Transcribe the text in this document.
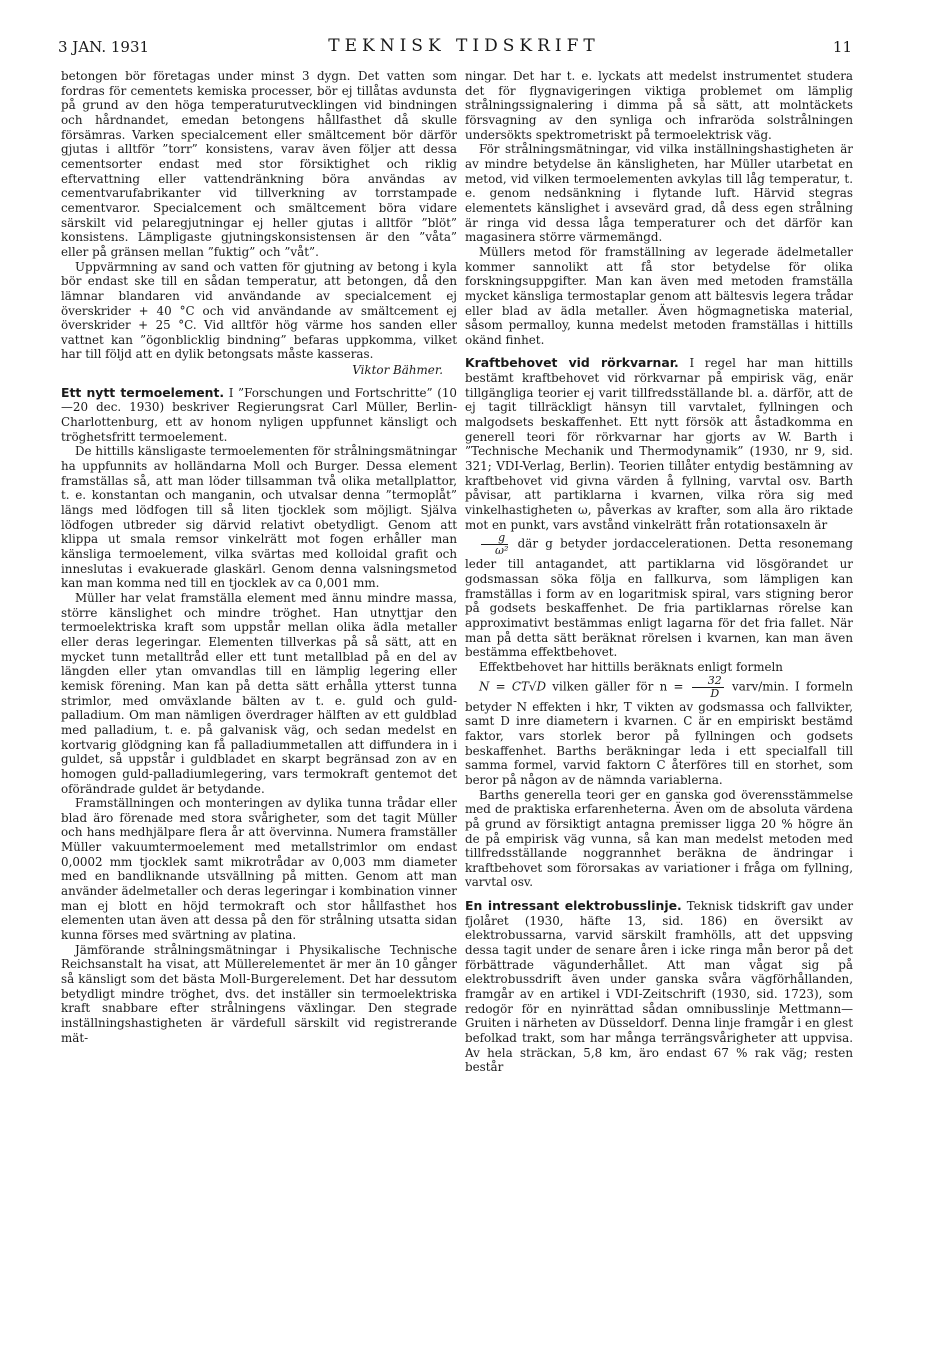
3 JAN. 1931	TEKNISK TIDSKRIFT	11

betongen bör företagas under minst 3 dygn. Det vatten som fordras för cementets kemiska processer, bör ej tillåtas avdunsta på grund av den höga temperaturutvecklingen vid bindningen och hårdnandet, emedan betongens hållfasthet då skulle försämras. Varken specialcement eller smältcement bör därför gjutas i alltför ”torr” konsistens, varav även följer att dessa cementsorter endast med stor försiktighet och riklig eftervattning eller vattendränkning böra användas av cementvarufabrikanter vid tillverkning av torrstampade cementvaror. Specialcement och smältcement böra vidare särskilt vid pelaregjutningar ej heller gjutas i alltför ”blöt” konsistens. Lämpligaste gjutningskonsistensen är den ”våta” eller på gränsen mellan ”fuktig” och ”våt”.

Uppvärmning av sand och vatten för gjutning av betong i kyla bör endast ske till en sådan temperatur, att betongen, då den lämnar blandaren vid användande av specialcement ej överskrider + 40 °C och vid användande av smältcement ej överskrider + 25 °C. Vid alltför hög värme hos sanden eller vattnet kan ”ögonblicklig bindning” befaras uppkomma, vilket har till följd att en dylik betongsats måste kasseras.

Viktor Bähmer.

Ett nytt termoelement. I ”Forschungen und Fortschritte” (10—20 dec. 1930) beskriver Regierungsrat Carl Müller, Berlin-Charlottenburg, ett av honom nyligen uppfunnet känsligt och tröghetsfritt termoelement.

De hittills känsligaste termoelementen för strålningsmätningar ha uppfunnits av holländarna Moll och Burger. Dessa element framställas så, att man löder tillsamman två olika metallplattor, t. e. konstantan och manganin, och utvalsar denna ”termoplåt” längs med lödfogen till så liten tjocklek som möjligt. Själva lödfogen utbreder sig därvid relativt obetydligt. Genom att klippa ut smala remsor vinkelrätt mot fogen erhåller man känsliga termoelement, vilka svärtas med kolloidal grafit och inneslutas i evakuerade glaskärl. Genom denna valsningsmetod kan man komma ned till en tjocklek av ca 0,001 mm.

Müller har velat framställa element med ännu mindre massa, större känslighet och mindre tröghet. Han utnyttjar den termoelektriska kraft som uppstår mellan olika ädla metaller eller deras legeringar. Elementen tillverkas på så sätt, att en mycket tunn metalltråd eller ett tunt metallblad på en del av längden eller ytan omvandlas till en lämplig legering eller kemisk förening. Man kan på detta sätt erhålla ytterst tunna strimlor, med omväxlande bälten av t. e. guld och guld-palladium. Om man nämligen överdrager hälften av ett guldblad med palladium, t. e. på galvanisk väg, och sedan medelst en kortvarig glödgning kan få palladiummetallen att diffundera in i guldet, så uppstår i guldbladet en skarpt begränsad zon av en homogen guld-palladiumlegering, vars termokraft gentemot det oförändrade guldet är betydande.

Framställningen och monteringen av dylika tunna trådar eller blad äro förenade med stora svårigheter, som det tagit Müller och hans medhjälpare flera år att övervinna. Numera framställer Müller vakuumtermoelement med metallstrimlor om endast 0,0002 mm tjocklek samt mikrotrådar av 0,003 mm diameter med en bandliknande utsvällning på mitten. Genom att man använder ädelmetaller och deras legeringar i kombination vinner man ej blott en höjd termokraft och stor hållfasthet hos elementen utan även att dessa på den för strålning utsatta sidan kunna förses med svärtning av platina.

Jämförande strålningsmätningar i Physikalische Technische Reichsanstalt ha visat, att Müllerelementet är mer än 10 gånger så känsligt som det bästa Moll-Burgerelement. Det har dessutom betydligt mindre tröghet, dvs. det inställer sin termoelektriska kraft snabbare efter strålningens växlingar. Den stegrade inställningshastigheten är värdefull särskilt vid registrerande mät-

ningar. Det har t. e. lyckats att medelst instrumentet studera det för flygnavigeringen viktiga problemet om lämplig strålningssignalering i dimma på så sätt, att molntäckets försvagning av den synliga och infraröda solstrålningen undersökts spektrometriskt på termoelektrisk väg.

För strålningsmätningar, vid vilka inställningshastigheten är av mindre betydelse än känsligheten, har Müller utarbetat en metod, vid vilken termoelementen avkylas till låg temperatur, t. e. genom nedsänkning i flytande luft. Härvid stegras elementets känslighet i avsevärd grad, då dess egen strålning är ringa vid dessa låga temperaturer och det därför kan magasinera större värmemängd.

Müllers metod för framställning av legerade ädelmetaller kommer sannolikt att få stor betydelse för olika forskningsuppgifter. Man kan även med metoden framställa mycket känsliga termostaplar genom att bältesvis legera trådar eller blad av ädla metaller. Även högmagnetiska material, såsom permalloy, kunna medelst metoden framställas i hittills okänd finhet.

Kraftbehovet vid rörkvarnar. I regel har man hittills bestämt kraftbehovet vid rörkvarnar på empirisk väg, enär tillgängliga teorier ej varit tillfredsställande bl. a. därför, att de ej tagit tillräckligt hänsyn till varvtalet, fyllningen och malgodsets beskaffenhet. Ett nytt försök att åstadkomma en generell teori för rörkvarnar har gjorts av W. Barth i ”Technische Mechanik und Thermodynamik” (1930, nr 9, sid. 321; VDI-Verlag, Berlin). Teorien tillåter entydig bestämning av kraftbehovet vid givna värden å fyllning, varvtal osv. Barth påvisar, att partiklarna i kvarnen, vilka röra sig med vinkelhastigheten ω, påverkas av krafter, som alla äro riktade mot en punkt, vars avstånd vinkelrätt från rotationsaxeln är

$\frac{g}{\text{ω²}}$ där g betyder jordaccelerationen. Detta resonemang leder till antagandet, att partiklarna vid lösgörandet ur godsmassan söka följa en fallkurva, som lämpligen kan framställas i form av en logaritmisk spiral, vars stigning beror på godsets beskaffenhet. De fria partiklarnas rörelse kan approximativt bestämmas enligt lagarna för det fria fallet. När man på detta sätt beräknat rörelsen i kvarnen, kan man även bestämma effektbehovet.

Effektbehovet har hittills beräknats enligt formeln

N = CT√D vilken gäller för $n = \frac{32}{D}$ varv/min. I formeln betyder N effekten i hkr, T vikten av godsmassa och fallvikter, samt D inre diametern i kvarnen. C är en empiriskt bestämd faktor, vars storlek beror på fyllningen och godsets beskaffenhet. Barths beräkningar leda i ett specialfall till samma formel, varvid faktorn C återföres till en storhet, som beror på någon av de nämnda variablerna.

Barths generella teori ger en ganska god överensstämmelse med de praktiska erfarenheterna. Även om de absoluta värdena på grund av försiktigt antagna premisser ligga 20 % högre än de på empirisk väg vunna, så kan man medelst metoden med tillfredsställande noggrannhet beräkna de ändringar i kraftbehovet som förorsakas av variationer i fråga om fyllning, varvtal osv.

En intressant elektrobusslinje. Teknisk tidskrift gav under fjolåret (1930, häfte 13, sid. 186) en översikt av elektrobussarna, varvid särskilt framhölls, att det uppsving dessa tagit under de senare åren i icke ringa mån beror på det förbättrade vägunderhållet. Att man vågat sig på elektrobussdrift även under ganska svåra vägförhållanden, framgår av en artikel i VDI-Zeitschrift (1930, sid. 1723), som redogör för en nyinrättad sådan omnibusslinje Mettmann—Gruiten i närheten av Düsseldorf. Denna linje framgår i en glest befolkad trakt, som har många terrängsvårigheter att uppvisa. Av hela sträckan, 5,8 km, äro endast 67 % rak väg; resten består
